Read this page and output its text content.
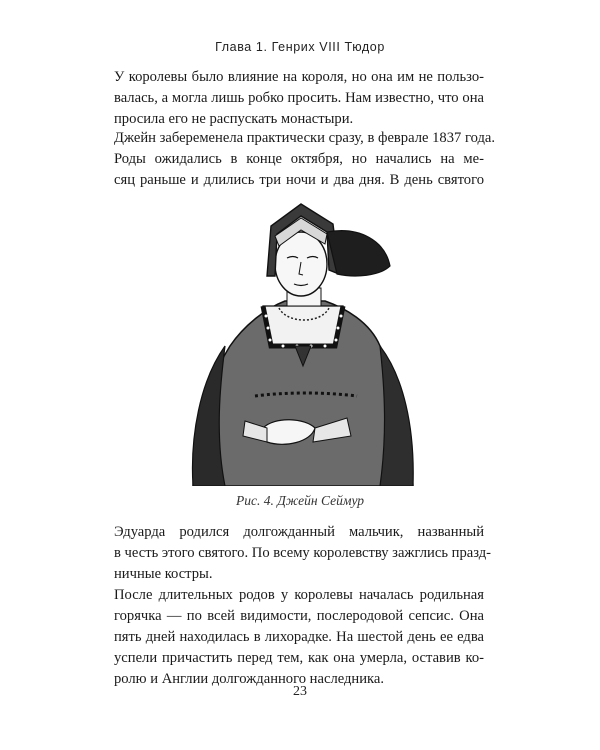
Глава 1. Генрих VIII Тюдор
У королевы было влияние на короля, но она им не пользо-
валась, а могла лишь робко просить. Нам известно, что она
просила его не распускать монастыри.
Джейн забеременела практически сразу, в феврале 1837 года.
Роды ожидались в конце октября, но начались на ме-
сяц раньше и длились три ночи и два дня. В день святого
Рис. 4. Джейн Сеймур
Эдуарда родился долгожданный мальчик, названный
в честь этого святого. По всему королевству зажглись празд-
ничные костры.
После длительных родов у королевы началась родильная
горячка — по всей видимости, послеродовой сепсис. Она
пять дней находилась в лихорадке. На шестой день ее едва
успели причастить перед тем, как она умерла, оставив ко-
ролю и Англии долгожданного наследника.
23
